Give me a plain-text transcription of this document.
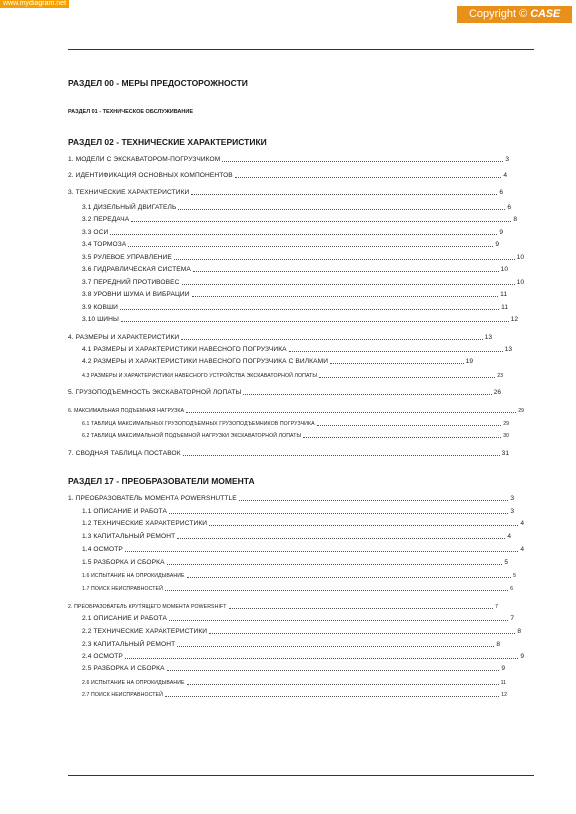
www.mydiagram.net
Copyright © CASE
РАЗДЕЛ 00 - МЕРЫ ПРЕДОСТОРОЖНОСТИ
РАЗДЕЛ 01 - ТЕХНИЧЕСКОЕ ОБСЛУЖИВАНИЕ
РАЗДЕЛ 02 - ТЕХНИЧЕСКИЕ ХАРАКТЕРИСТИКИ
РАЗДЕЛ 17 - ПРЕОБРАЗОВАТЕЛИ МОМЕНТА
1. МОДЕЛИ С ЭКСКАВАТОРОМ-ПОГРУЗЧИКОМ	3
2. ИДЕНТИФИКАЦИЯ ОСНОВНЫХ КОМПОНЕНТОВ	4
3. ТЕХНИЧЕСКИЕ ХАРАКТЕРИСТИКИ	6
3.1 ДИЗЕЛЬНЫЙ ДВИГАТЕЛЬ	6
3.2 ПЕРЕДАЧА	8
3.3 ОСИ	9
3.4 ТОРМОЗА	9
3.5 РУЛЕВОЕ УПРАВЛЕНИЕ	10
3.6 ГИДРАВЛИЧЕСКАЯ СИСТЕМА	10
3.7 ПЕРЕДНИЙ ПРОТИВОВЕС	10
3.8 УРОВНИ ШУМА И ВИБРАЦИИ	11
3.9 КОВШИ	11
3.10 ШИНЫ	12
4. РАЗМЕРЫ И ХАРАКТЕРИСТИКИ	13
4.1 РАЗМЕРЫ И ХАРАКТЕРИСТИКИ НАВЕСНОГО ПОГРУЗЧИКА	13
4.2 РАЗМЕРЫ И ХАРАКТЕРИСТИКИ НАВЕСНОГО ПОГРУЗЧИКА С ВИЛКАМИ	19
4.3 РАЗМЕРЫ И ХАРАКТЕРИСТИКИ НАВЕСНОГО УСТРОЙСТВА ЭКСКАВАТОРНОЙ ЛОПАТЫ	23
5. ГРУЗОПОДЪЕМНОСТЬ ЭКСКАВАТОРНОЙ ЛОПАТЫ	26
6. МАКСИМАЛЬНАЯ ПОДЪЕМНАЯ НАГРУЗКА	29
6.1 ТАБЛИЦА МАКСИМАЛЬНЫХ ГРУЗОПОДЪЕМНЫХ ГРУЗОПОДЪЕМНИКОВ ПОГРУЗЧИКА	29
6.2 ТАБЛИЦА МАКСИМАЛЬНОЙ ПОДЪЕМНОЙ НАГРУЗКИ ЭКСКАВАТОРНОЙ ЛОПАТЫ	30
7. СВОДНАЯ ТАБЛИЦА ПОСТАВОК	31
1. ПРЕОБРАЗОВАТЕЛЬ МОМЕНТА POWERSHUTTLE	3
1.1 ОПИСАНИЕ И РАБОТА	3
1.2 ТЕХНИЧЕСКИЕ ХАРАКТЕРИСТИКИ	4
1.3 КАПИТАЛЬНЫЙ РЕМОНТ	4
1.4 ОСМОТР	4
1.5 РАЗБОРКА И СБОРКА	5
1.6 ИСПЫТАНИЕ НА ОПРОКИДЫВАНИЕ	5
1.7 ПОИСК НЕИСПРАВНОСТЕЙ	6
2. ПРЕОБРАЗОВАТЕЛЬ КРУТЯЩЕГО МОМЕНТА POWERSHIFT	7
2.1 ОПИСАНИЕ И РАБОТА	7
2.2 ТЕХНИЧЕСКИЕ ХАРАКТЕРИСТИКИ	8
2.3 КАПИТАЛЬНЫЙ РЕМОНТ	8
2.4 ОСМОТР	9
2.5 РАЗБОРКА И СБОРКА	9
2.6 ИСПЫТАНИЕ НА ОПРОКИДЫВАНИЕ	11
2.7 ПОИСК НЕИСПРАВНОСТЕЙ	12
